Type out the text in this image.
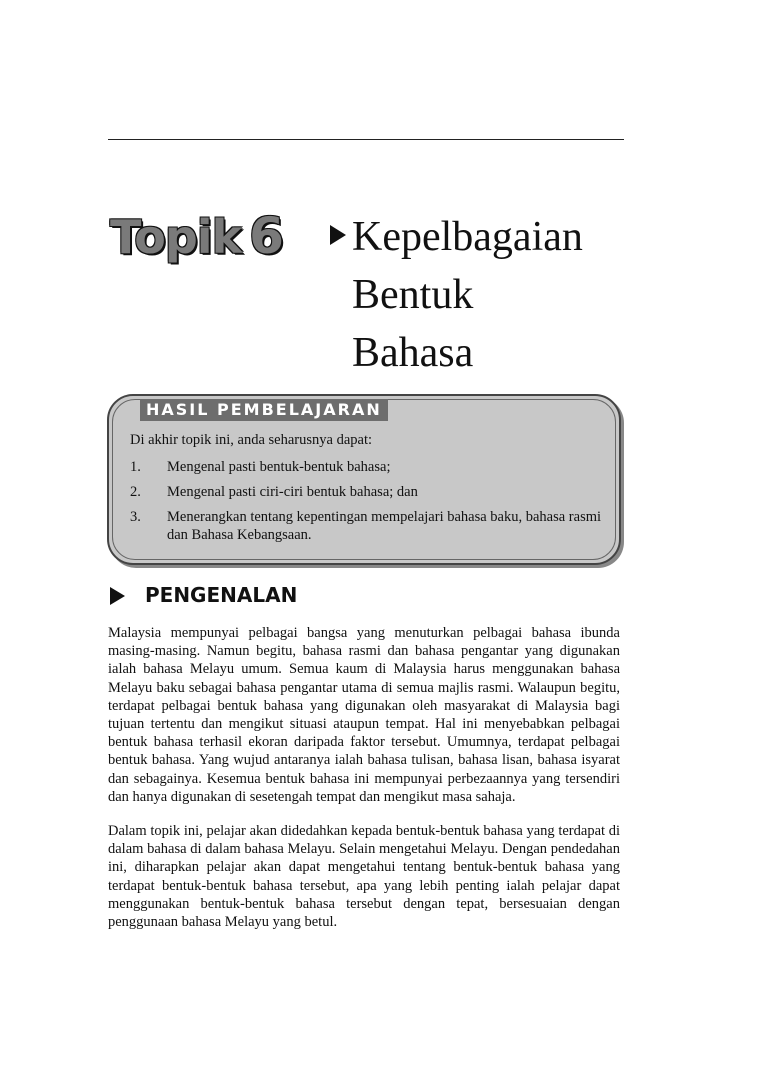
Topik 6 Kepelbagaian
Bentuk
Bahasa
HASIL PEMBELAJARAN
Di akhir topik ini, anda seharusnya dapat:
1. Mengenal pasti bentuk-bentuk bahasa;
2. Mengenal pasti ciri-ciri bentuk bahasa; dan
3. Menerangkan tentang kepentingan mempelajari bahasa baku, bahasa rasmi dan Bahasa Kebangsaan.
PENGENALAN
Malaysia mempunyai pelbagai bangsa yang menuturkan pelbagai bahasa ibunda masing-masing. Namun begitu, bahasa rasmi dan bahasa pengantar yang digunakan ialah bahasa Melayu umum. Semua kaum di Malaysia harus menggunakan bahasa Melayu baku sebagai bahasa pengantar utama di semua majlis rasmi. Walaupun begitu, terdapat pelbagai bentuk bahasa yang digunakan oleh masyarakat di Malaysia bagi tujuan tertentu dan mengikut situasi ataupun tempat. Hal ini menyebabkan pelbagai bentuk bahasa terhasil ekoran daripada faktor tersebut. Umumnya, terdapat pelbagai bentuk bahasa. Yang wujud antaranya ialah bahasa tulisan, bahasa lisan, bahasa isyarat dan sebagainya. Kesemua bentuk bahasa ini mempunyai perbezaannya yang tersendiri dan hanya digunakan di sesetengah tempat dan mengikut masa sahaja.
Dalam topik ini, pelajar akan didedahkan kepada bentuk-bentuk bahasa yang terdapat di dalam bahasa di dalam bahasa Melayu. Selain mengetahui Melayu. Dengan pendedahan ini, diharapkan pelajar akan dapat mengetahui tentang bentuk-bentuk bahasa yang terdapat bentuk-bentuk bahasa tersebut, apa yang lebih penting ialah pelajar dapat menggunakan bentuk-bentuk bahasa tersebut dengan tepat, bersesuaian dengan penggunaan bahasa Melayu yang betul.
